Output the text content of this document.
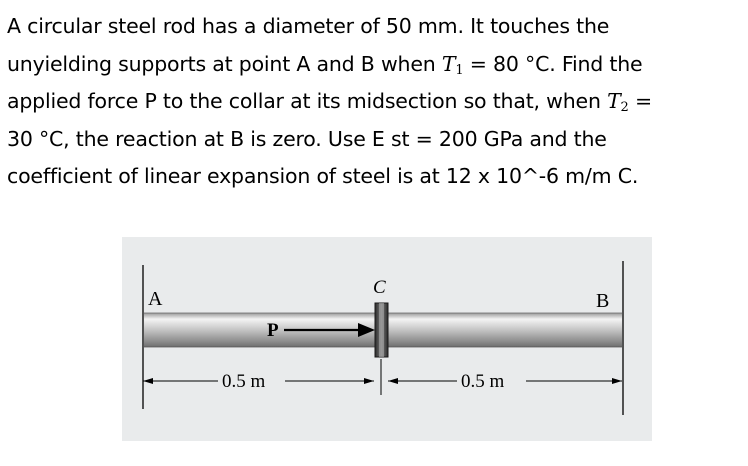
A circular steel rod has a diameter of 50 mm. It touches the
unyielding supports at point A and B when $T_1 = 80$ °C. Find the
applied force P to the collar at its midsection so that, when $T_2$ =
30 °C, the reaction at B is zero. Use E st = 200 GPa and the
coefficient of linear expansion of steel is at 12 x 10^-6 m/m C.
A	B
C
P
0.5 m	0.5 m
